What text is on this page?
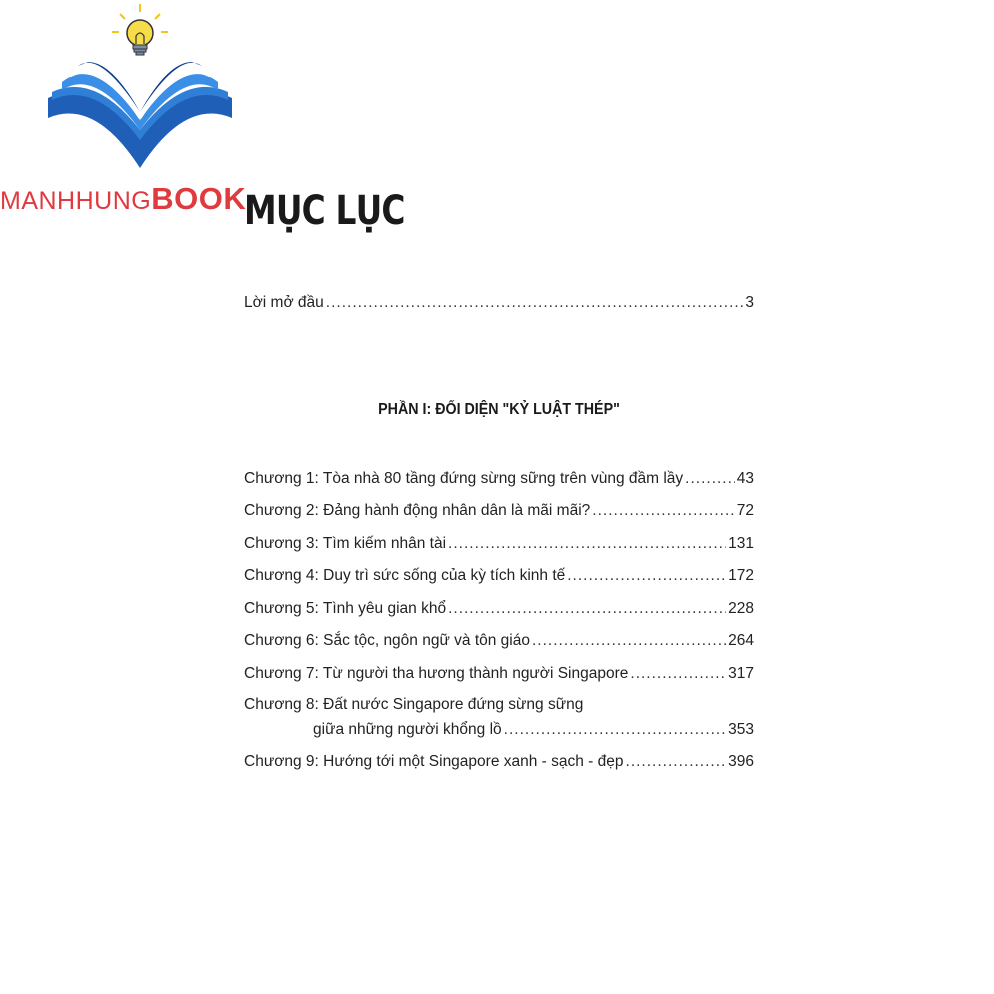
MANHHUNGBOOK
MỤC LỤC
Lời mở đầu .....	3
PHẦN I: ĐỐI DIỆN "KỶ LUẬT THÉP"
Chương 1: Tòa nhà 80 tầng đứng sừng sững trên vùng đầm lầy .....	43
Chương 2: Đảng hành động nhân dân là mãi mãi? .....	72
Chương 3: Tìm kiếm nhân tài .....	131
Chương 4: Duy trì sức sống của kỳ tích kinh tế .....	172
Chương 5: Tình yêu gian khổ .....	228
Chương 6: Sắc tộc, ngôn ngữ và tôn giáo .....	264
Chương 7: Từ người tha hương thành người Singapore .....	317
Chương 8: Đất nước Singapore đứng sừng sững
giữa những người khổng lồ .....	353
Chương 9: Hướng tới một Singapore xanh - sạch - đẹp .....	396
